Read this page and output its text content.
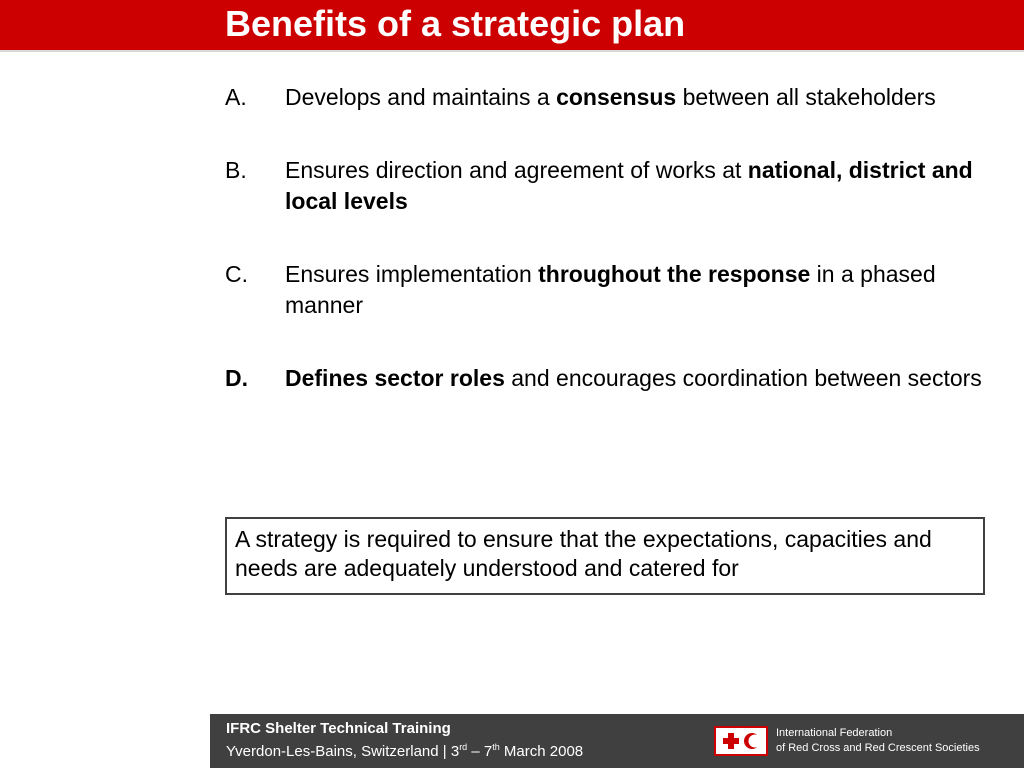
Benefits of a strategic plan
A. Develops and maintains a consensus between all stakeholders
B. Ensures direction and agreement of works at national, district and local levels
C. Ensures implementation throughout the response in a phased manner
D. Defines sector roles and encourages coordination between sectors
A strategy is required to ensure that the expectations, capacities and needs are adequately understood and catered for
IFRC Shelter Technical Training
Yverdon-Les-Bains, Switzerland | 3rd – 7th March 2008
International Federation
of Red Cross and Red Crescent Societies
